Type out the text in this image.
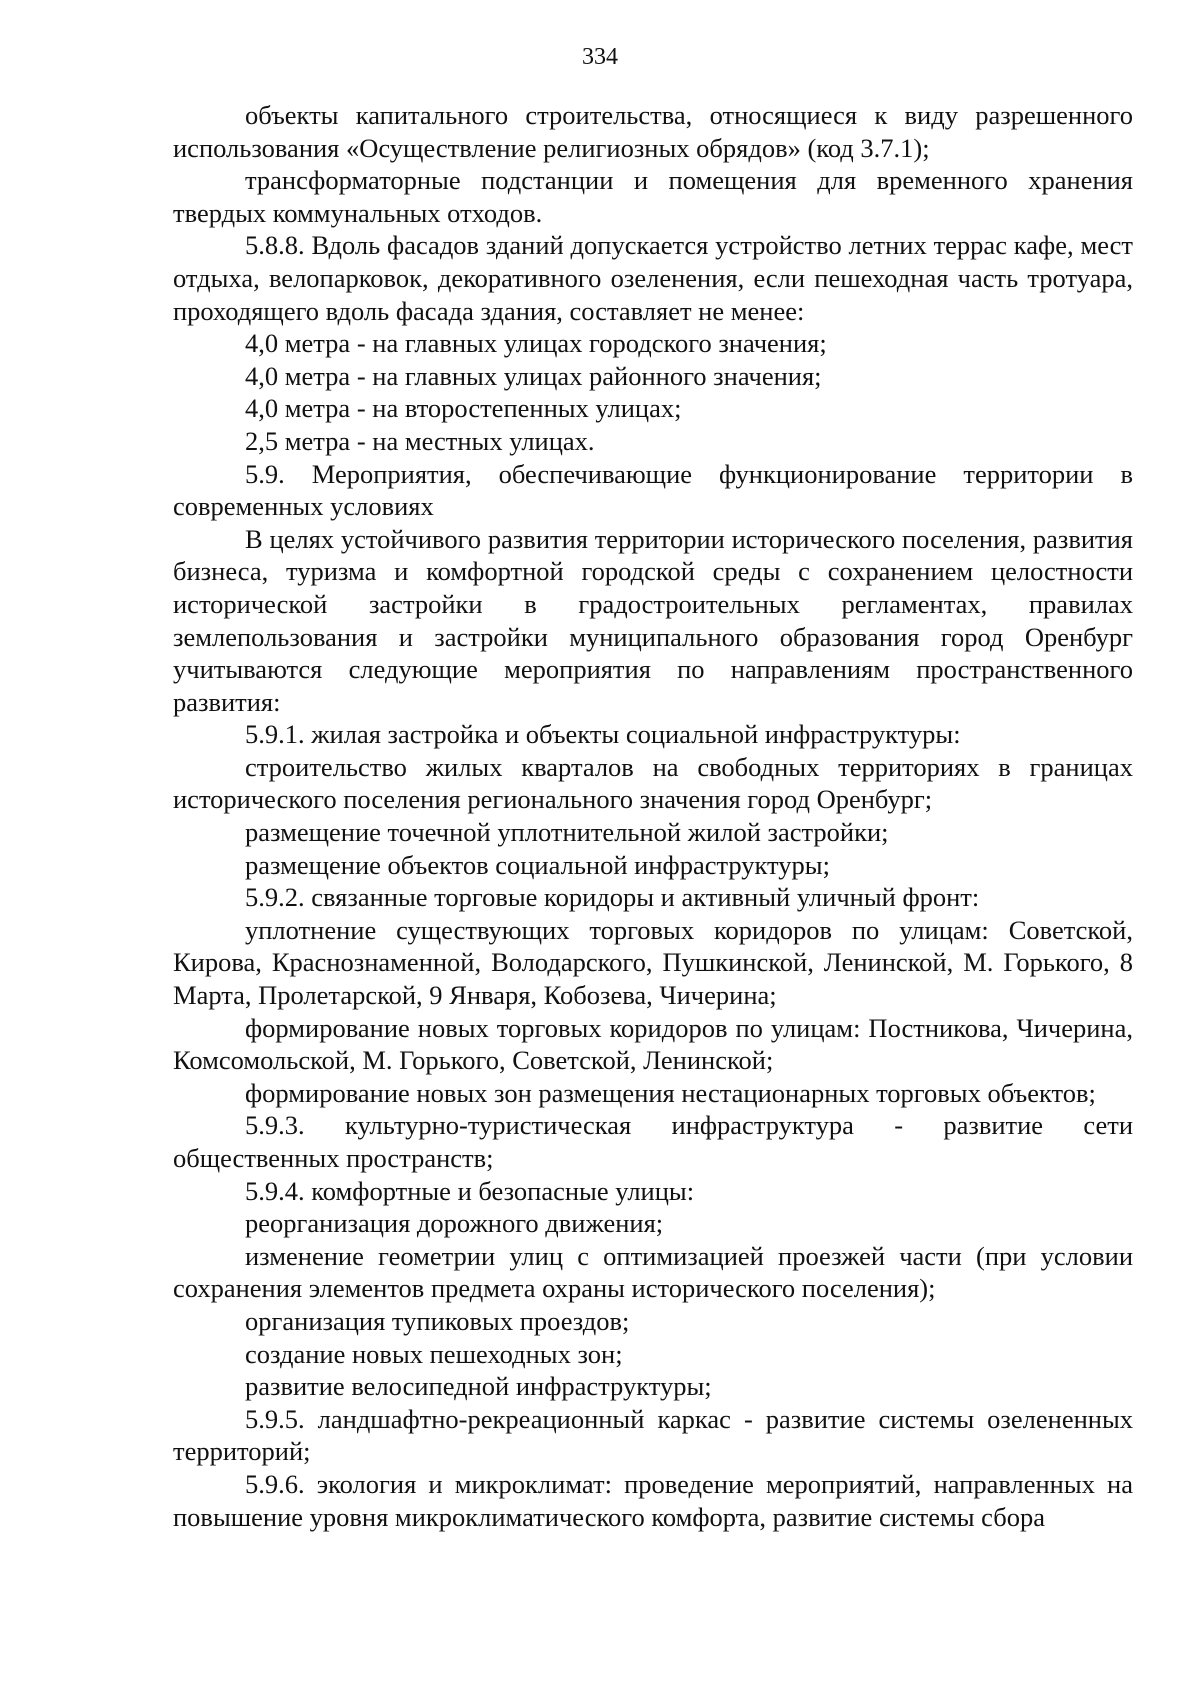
334

объекты капитального строительства, относящиеся к виду разрешенного использования «Осуществление религиозных обрядов» (код 3.7.1);

трансформаторные подстанции и помещения для временного хранения твердых коммунальных отходов.

5.8.8. Вдоль фасадов зданий допускается устройство летних террас кафе, мест отдыха, велопарковок, декоративного озеленения, если пешеходная часть тротуара, проходящего вдоль фасада здания, составляет не менее:

4,0 метра - на главных улицах городского значения;

4,0 метра - на главных улицах районного значения;

4,0 метра - на второстепенных улицах;

2,5 метра - на местных улицах.

5.9. Мероприятия, обеспечивающие функционирование территории в современных условиях

В целях устойчивого развития территории исторического поселения, развития бизнеса, туризма и комфортной городской среды с сохранением целостности исторической застройки в градостроительных регламентах, правилах землепользования и застройки муниципального образования город Оренбург учитываются следующие мероприятия по направлениям пространственного развития:

5.9.1. жилая застройка и объекты социальной инфраструктуры:

строительство жилых кварталов на свободных территориях в границах исторического поселения регионального значения город Оренбург;

размещение точечной уплотнительной жилой застройки;

размещение объектов социальной инфраструктуры;

5.9.2. связанные торговые коридоры и активный уличный фронт:

уплотнение существующих торговых коридоров по улицам: Советской, Кирова, Краснознаменной, Володарского, Пушкинской, Ленинской, М. Горького, 8 Марта, Пролетарской, 9 Января, Кобозева, Чичерина;

формирование новых торговых коридоров по улицам: Постникова, Чичерина, Комсомольской, М. Горького, Советской, Ленинской;

формирование новых зон размещения нестационарных торговых объектов;

5.9.3. культурно-туристическая инфраструктура - развитие сети общественных пространств;

5.9.4. комфортные и безопасные улицы:

реорганизация дорожного движения;

изменение геометрии улиц с оптимизацией проезжей части (при условии сохранения элементов предмета охраны исторического поселения);

организация тупиковых проездов;

создание новых пешеходных зон;

развитие велосипедной инфраструктуры;

5.9.5. ландшафтно-рекреационный каркас - развитие системы озелененных территорий;

5.9.6. экология и микроклимат: проведение мероприятий, направленных на повышение уровня микроклиматического комфорта, развитие системы сбора
